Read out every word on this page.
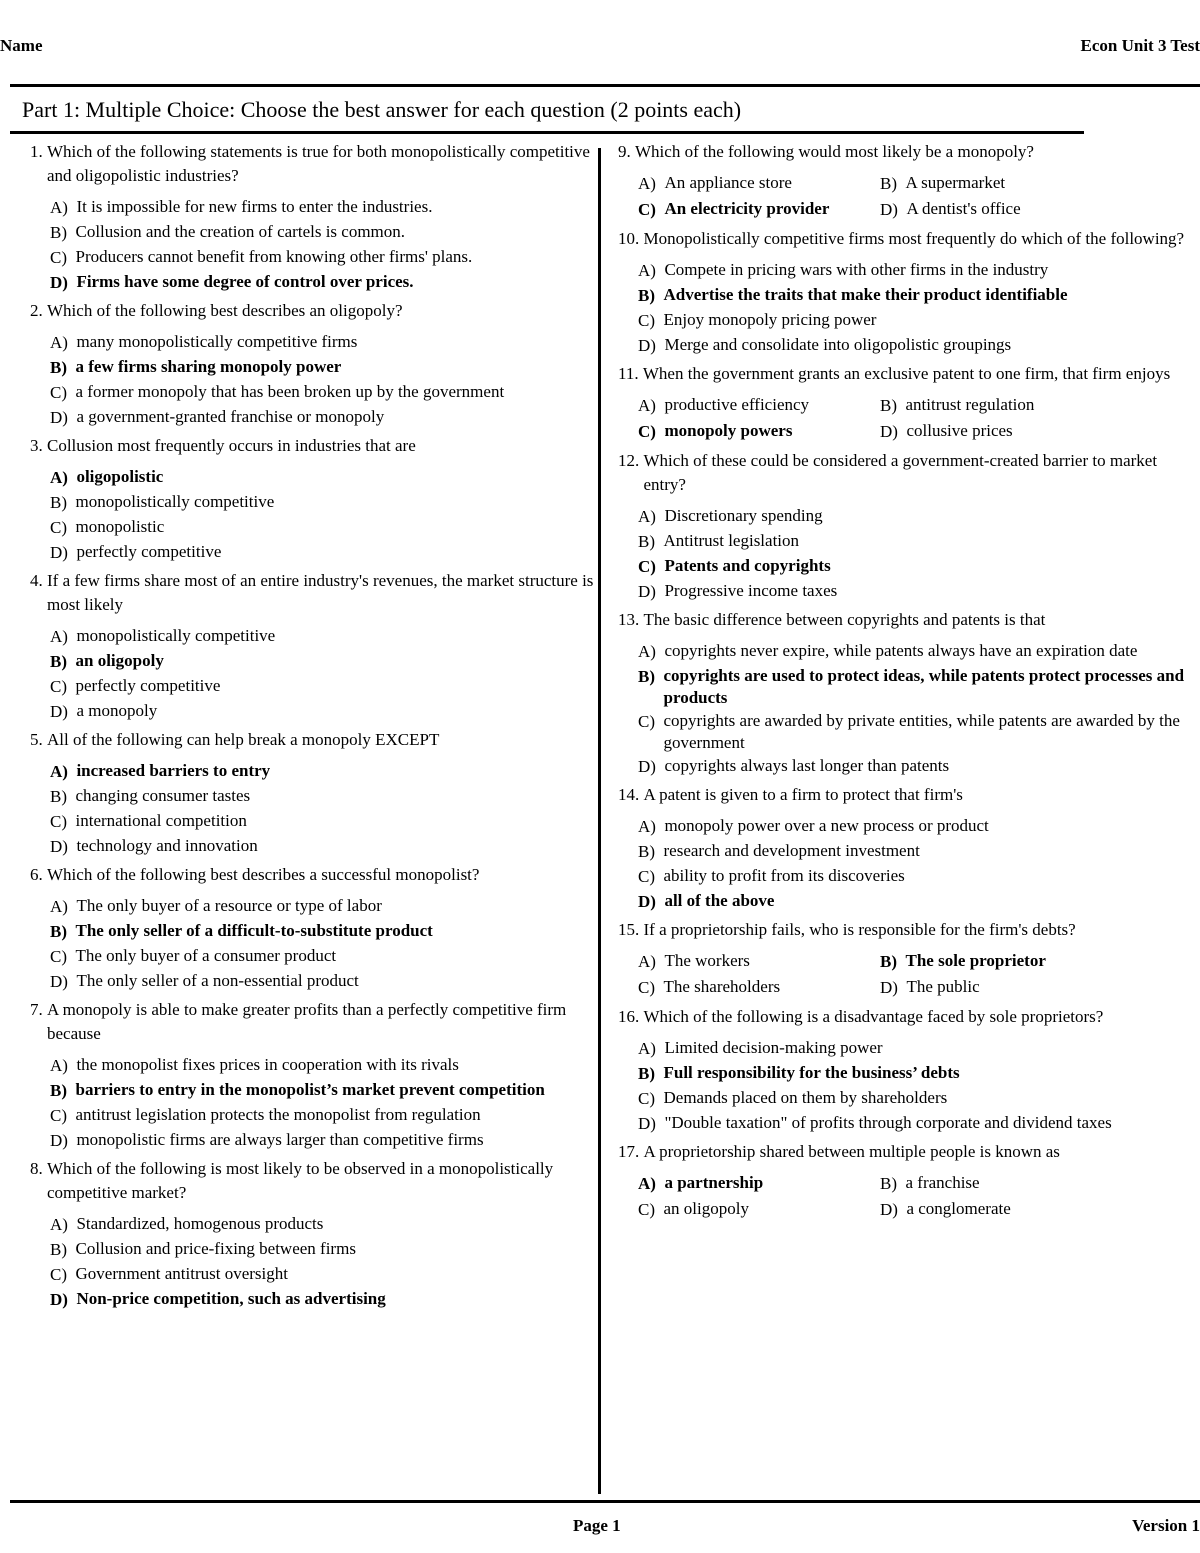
Name	Econ Unit 3 Test
Part 1: Multiple Choice: Choose the best answer for each question (2 points each)
1.
Which of the following statements is true for both monopolistically competitive and oligopolistic industries?
A)
It is impossible for new firms to enter the industries.
B)
Collusion and the creation of cartels is common.
C)
Producers cannot benefit from knowing other firms' plans.
D)
Firms have some degree of control over prices.
2.
Which of the following best describes an oligopoly?
A)
many monopolistically competitive firms
B)
a few firms sharing monopoly power
C)
a former monopoly that has been broken up by the government
D)
a government-granted franchise or monopoly
3.
Collusion most frequently occurs in industries that are
A)
oligopolistic
B)
monopolistically competitive
C)
monopolistic
D)
perfectly competitive
4.
If a few firms share most of an entire industry's revenues, the market structure is most likely
A)
monopolistically competitive
B)
an oligopoly
C)
perfectly competitive
D)
a monopoly
5.
All of the following can help break a monopoly EXCEPT
A)
increased barriers to entry
B)
changing consumer tastes
C)
international competition
D)
technology and innovation
6.
Which of the following best describes a successful monopolist?
A)
The only buyer of a resource or type of labor
B)
The only seller of a difficult-to-substitute product
C)
The only buyer of a consumer product
D)
The only seller of a non-essential product
7.
A monopoly is able to make greater profits than a perfectly competitive firm because
A)
the monopolist fixes prices in cooperation with its rivals
B)
barriers to entry in the monopolist’s market prevent competition
C)
antitrust legislation protects the monopolist from regulation
D)
monopolistic firms are always larger than competitive firms
8.
Which of the following is most likely to be observed in a monopolistically competitive market?
A)
Standardized, homogenous products
B)
Collusion and price-fixing between firms
C)
Government antitrust oversight
D)
Non-price competition, such as advertising
9.
Which of the following would most likely be a monopoly?
A)
An appliance store	B)
A supermarket
C)
An electricity provider	D)
A dentist's office
10.
Monopolistically competitive firms most frequently do which of the following?
A)
Compete in pricing wars with other firms in the industry
B)
Advertise the traits that make their product identifiable
C)
Enjoy monopoly pricing power
D)
Merge and consolidate into oligopolistic groupings
11.
When the government grants an exclusive patent to one firm, that firm enjoys
A)
productive efficiency	B)
antitrust regulation
C)
monopoly powers	D)
collusive prices
12.
Which of these could be considered a government-created barrier to market entry?
A)
Discretionary spending
B)
Antitrust legislation
C)
Patents and copyrights
D)
Progressive income taxes
13.
The basic difference between copyrights and patents is that
A)
copyrights never expire, while patents always have an expiration date
B)
copyrights are used to protect ideas, while patents protect processes and products
C)
copyrights are awarded by private entities, while patents are awarded by the government
D)
copyrights always last longer than patents
14.
A patent is given to a firm to protect that firm's
A)
monopoly power over a new process or product
B)
research and development investment
C)
ability to profit from its discoveries
D)
all of the above
15.
If a proprietorship fails, who is responsible for the firm's debts?
A)
The workers	B)
The sole proprietor
C)
The shareholders	D)
The public
16.
Which of the following is a disadvantage faced by sole proprietors?
A)
Limited decision-making power
B)
Full responsibility for the business’ debts
C)
Demands placed on them by shareholders
D)
"Double taxation" of profits through corporate and dividend taxes
17.
A proprietorship shared between multiple people is known as
A)
a partnership	B)
a franchise
C)
an oligopoly	D)
a conglomerate
Page 1	Version 1
